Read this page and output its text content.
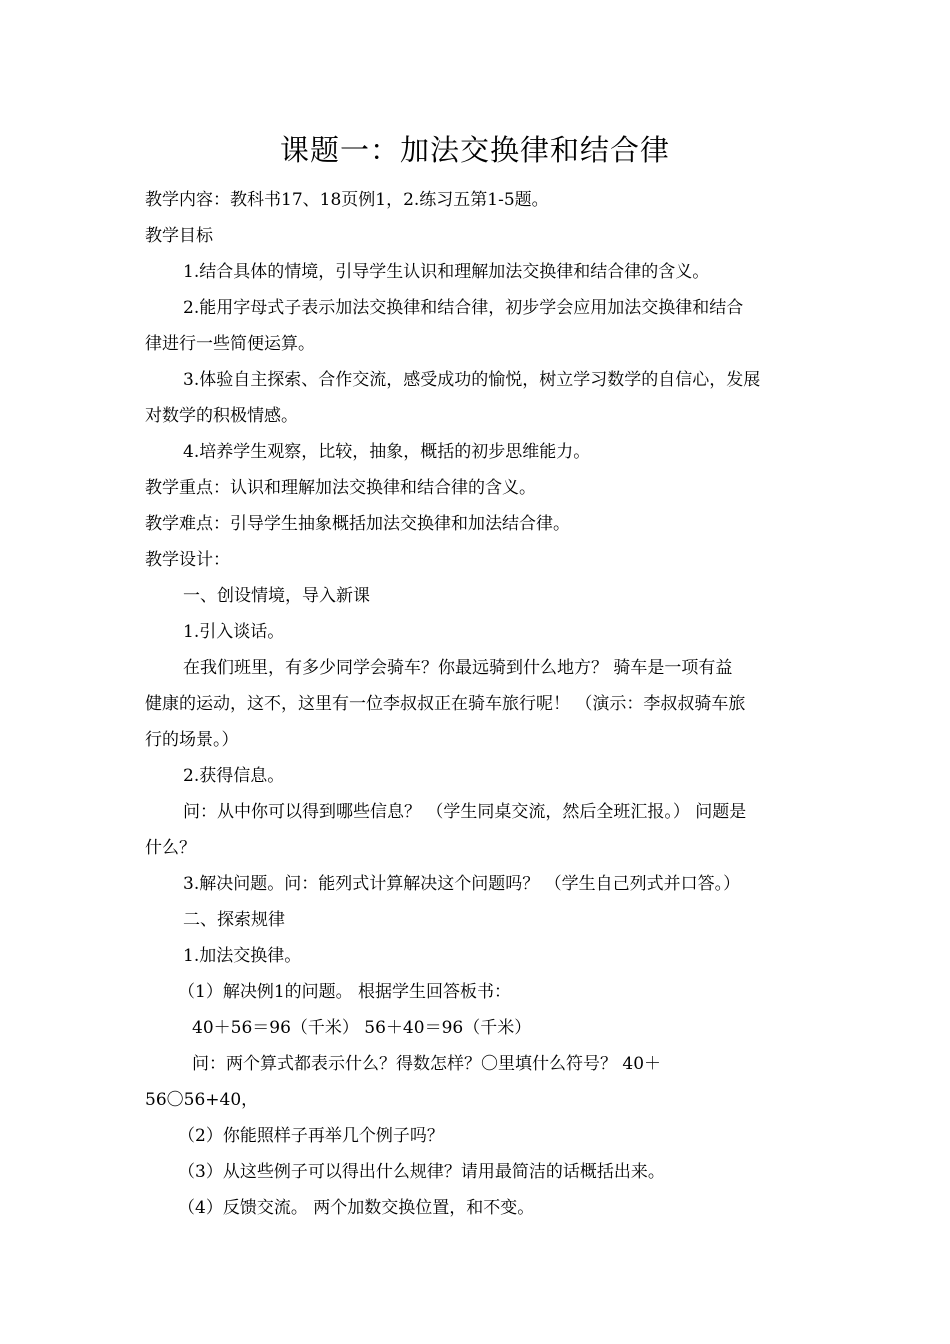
课题一：加法交换律和结合律
教学内容：教科书17、18页例1，2.练习五第1-5题。
教学目标
1.结合具体的情境，引导学生认识和理解加法交换律和结合律的含义。
2.能用字母式子表示加法交换律和结合律，初步学会应用加法交换律和结合
律进行一些简便运算。
3.体验自主探索、合作交流，感受成功的愉悦，树立学习数学的自信心，发展
对数学的积极情感。
4.培养学生观察，比较，抽象，概括的初步思维能力。
教学重点：认识和理解加法交换律和结合律的含义。
教学难点：引导学生抽象概括加法交换律和加法结合律。
教学设计：
一、创设情境，导入新课
1.引入谈话。
在我们班里，有多少同学会骑车？你最远骑到什么地方？ 骑车是一项有益
健康的运动，这不，这里有一位李叔叔正在骑车旅行呢！ （演示：李叔叔骑车旅
行的场景。）
2.获得信息。
问：从中你可以得到哪些信息？ （学生同桌交流，然后全班汇报。） 问题是
什么？
3.解决问题。问：能列式计算解决这个问题吗？ （学生自己列式并口答。）
二、探索规律
1.加法交换律。
（1）解决例1的问题。 根据学生回答板书：
40＋56＝96（千米） 56＋40＝96（千米）
问：两个算式都表示什么？得数怎样？〇里填什么符号？ 40＋
56〇56+40，
（2）你能照样子再举几个例子吗？
（3）从这些例子可以得出什么规律？请用最简洁的话概括出来。
（4）反馈交流。 两个加数交换位置，和不变。
